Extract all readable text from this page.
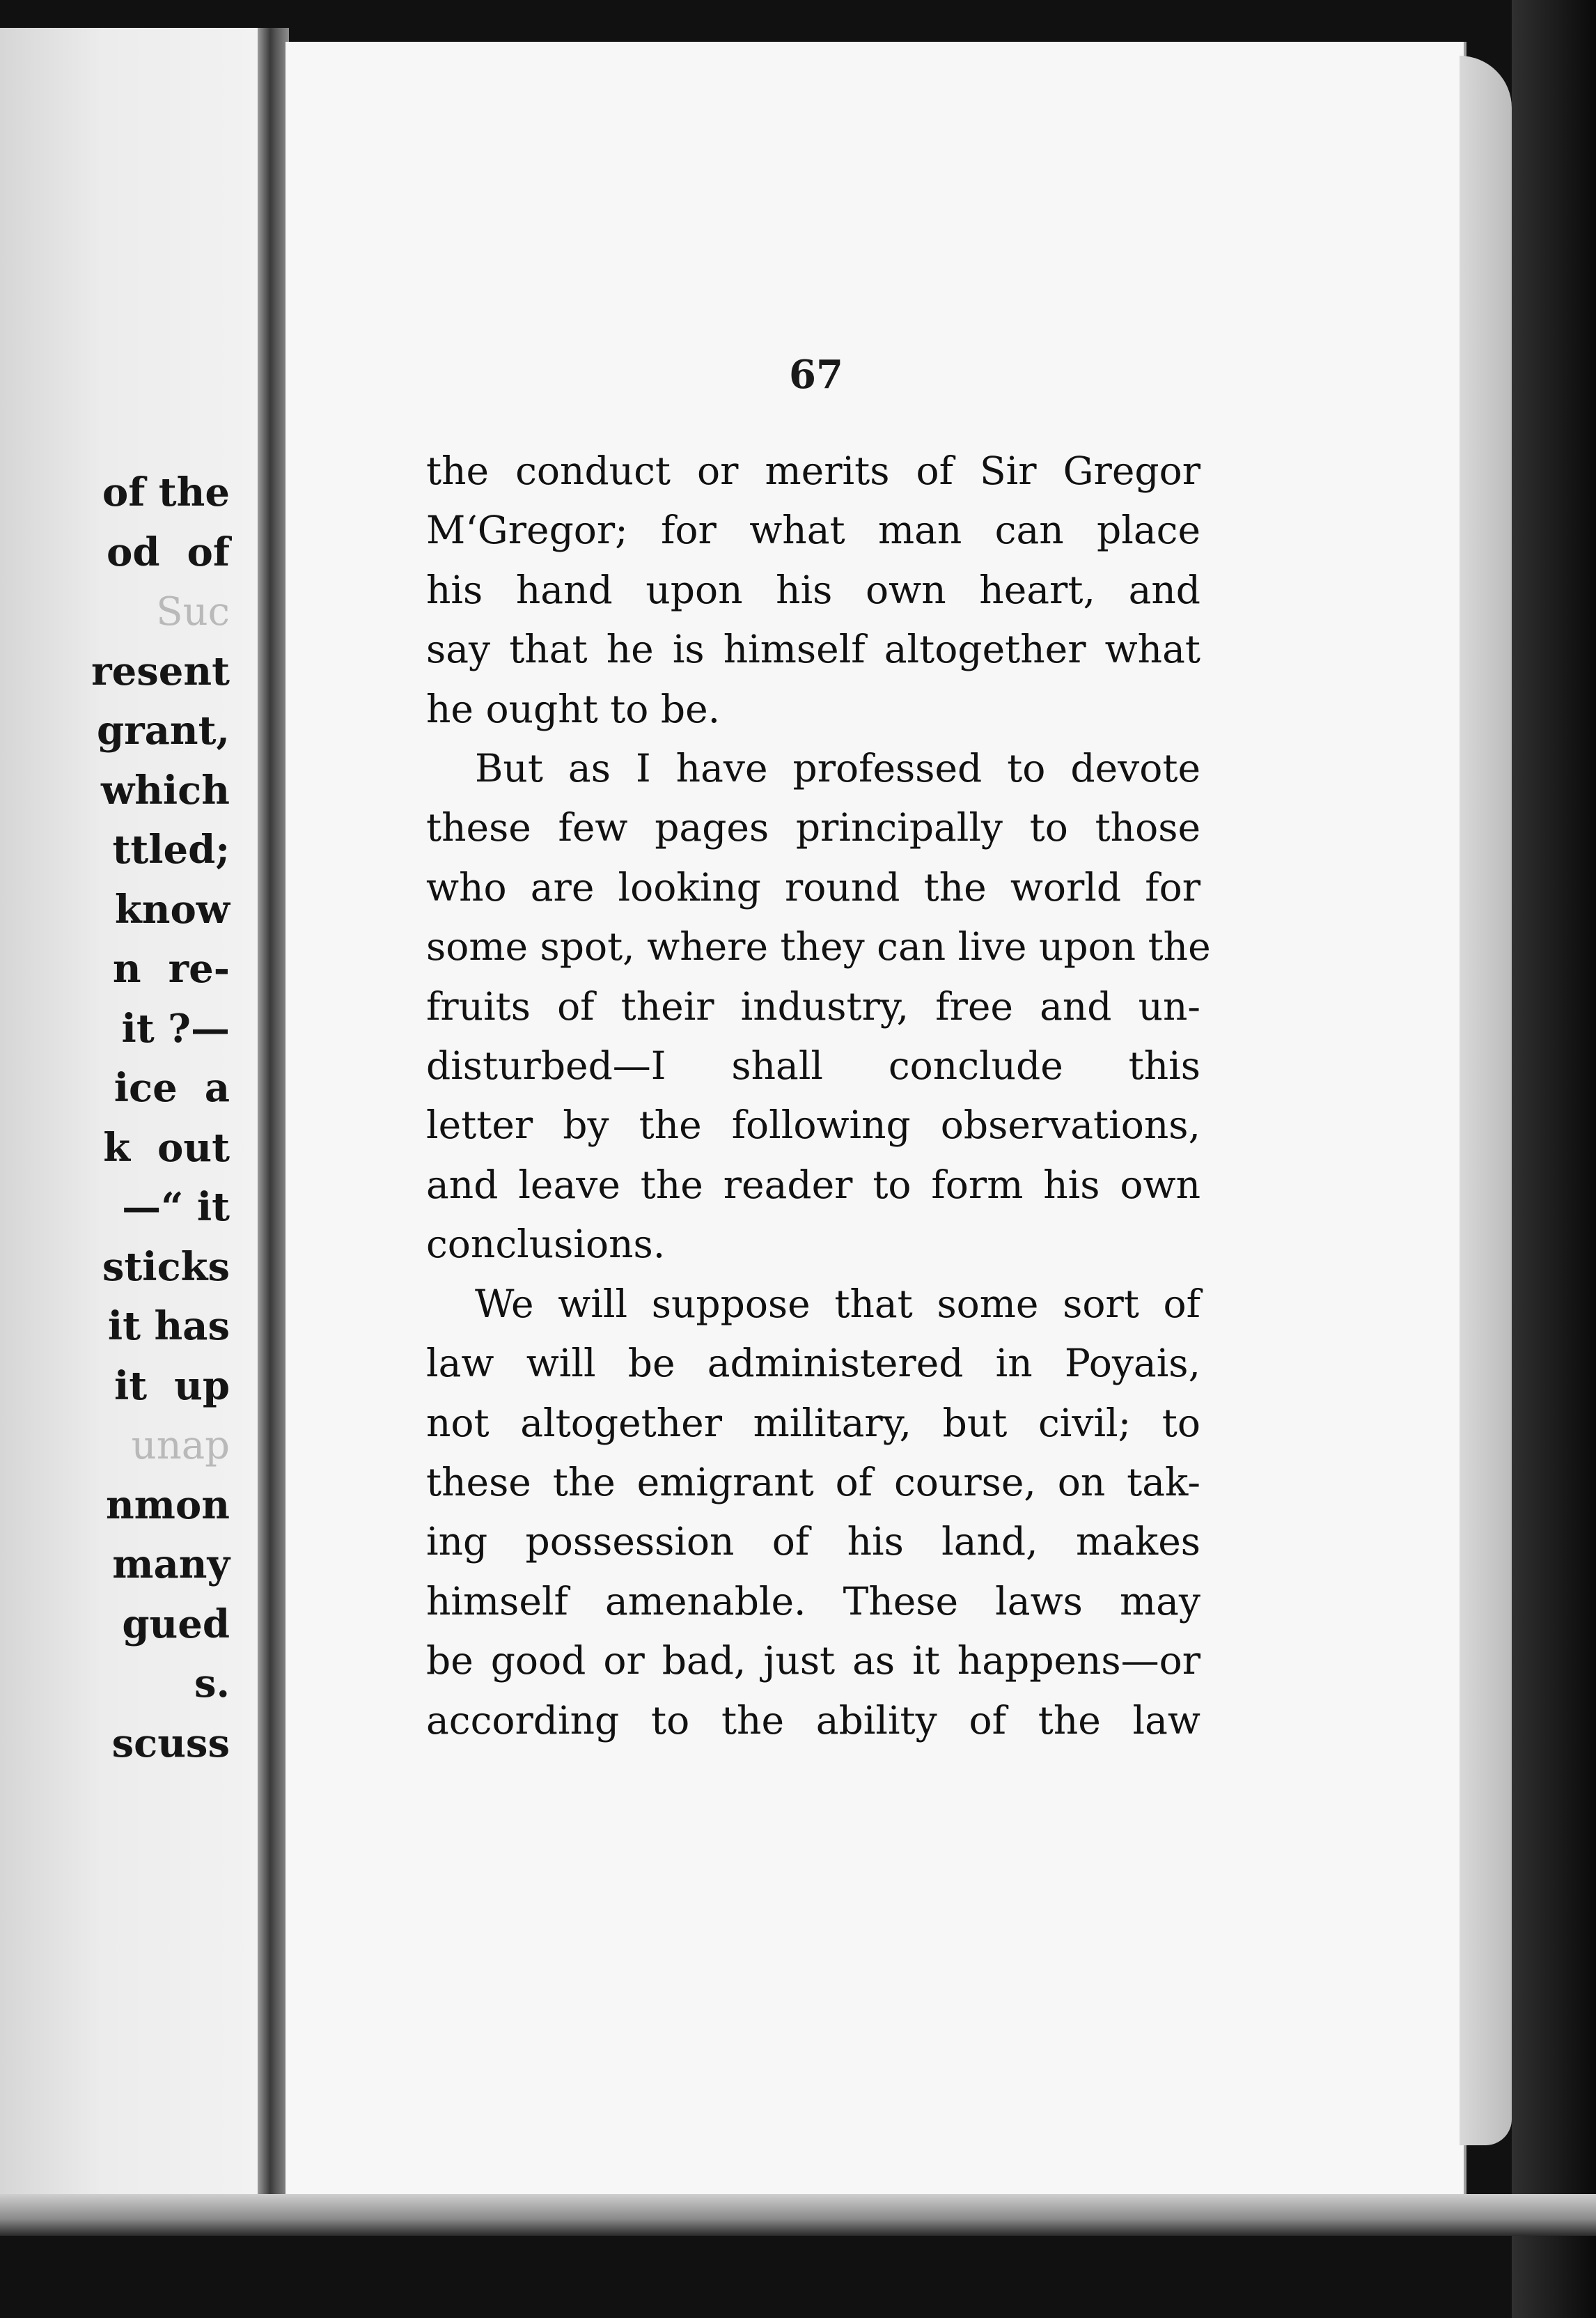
of the
od  of
Suc
resent
grant,
which
ttled;
know
n  re-
it ?—
ice  a
k  out
—“ it
sticks
it has
it  up
unap
nmon
many
gued
s.
scuss
67
the conduct or merits of Sir Gregor
M‘Gregor; for what man can place
his hand upon his own heart, and
say that he is himself altogether what
he ought to be.
But as I have professed to devote
these few pages principally to those
who are looking round the world for
some spot, where they can live upon the
fruits of their industry, free and un-
disturbed—I shall conclude this
letter by the following observations,
and leave the reader to form his own
conclusions.
We will suppose that some sort of
law will be administered in Poyais,
not altogether military, but civil; to
these the emigrant of course, on tak-
ing possession of his land, makes
himself amenable. These laws may
be good or bad, just as it happens—or
according to the ability of the law
